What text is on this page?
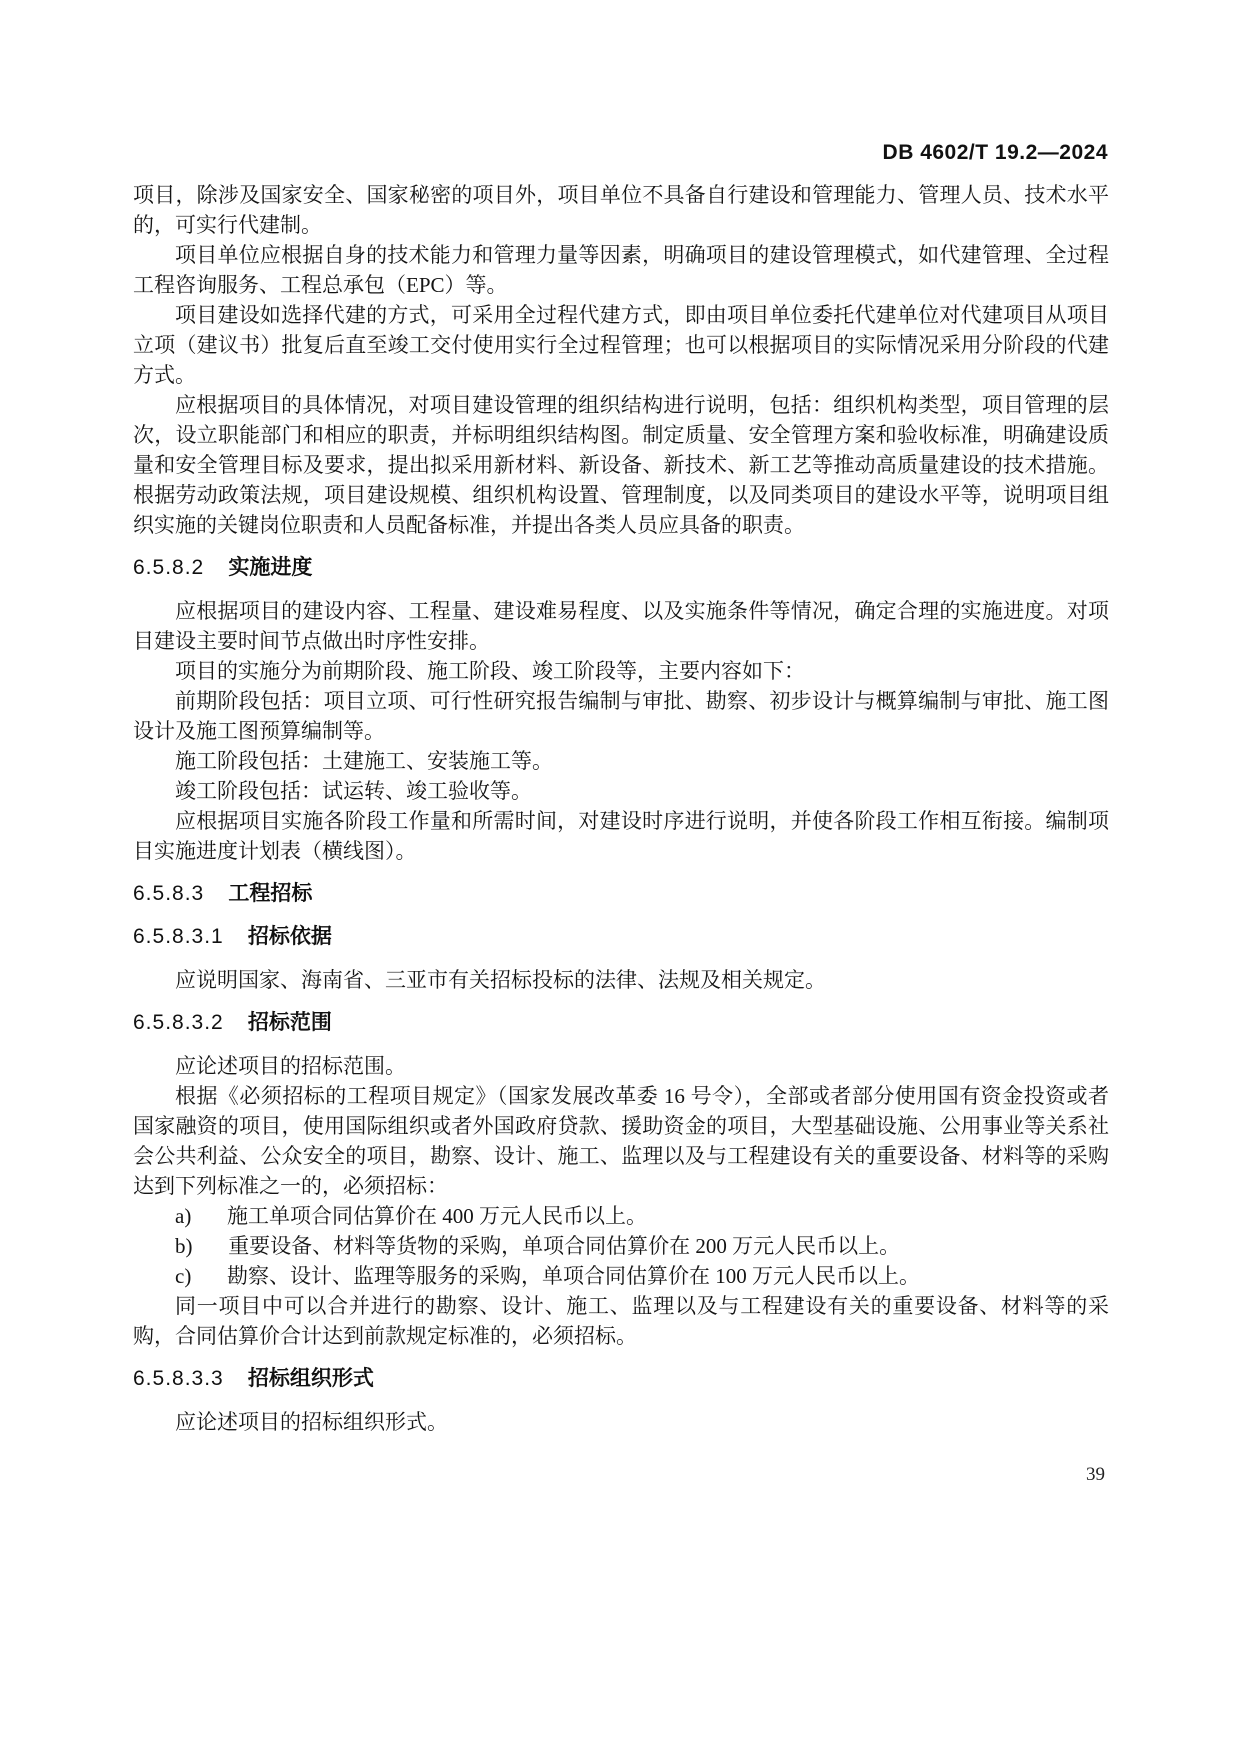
DB 4602/T 19.2—2024

项目，除涉及国家安全、国家秘密的项目外，项目单位不具备自行建设和管理能力、管理人员、技术水平的，可实行代建制。

项目单位应根据自身的技术能力和管理力量等因素，明确项目的建设管理模式，如代建管理、全过程工程咨询服务、工程总承包（EPC）等。

项目建设如选择代建的方式，可采用全过程代建方式，即由项目单位委托代建单位对代建项目从项目立项（建议书）批复后直至竣工交付使用实行全过程管理；也可以根据项目的实际情况采用分阶段的代建方式。

应根据项目的具体情况，对项目建设管理的组织结构进行说明，包括：组织机构类型，项目管理的层次，设立职能部门和相应的职责，并标明组织结构图。制定质量、安全管理方案和验收标准，明确建设质量和安全管理目标及要求，提出拟采用新材料、新设备、新技术、新工艺等推动高质量建设的技术措施。根据劳动政策法规，项目建设规模、组织机构设置、管理制度，以及同类项目的建设水平等，说明项目组织实施的关键岗位职责和人员配备标准，并提出各类人员应具备的职责。

6.5.8.2 实施进度

应根据项目的建设内容、工程量、建设难易程度、以及实施条件等情况，确定合理的实施进度。对项目建设主要时间节点做出时序性安排。

项目的实施分为前期阶段、施工阶段、竣工阶段等，主要内容如下：

前期阶段包括：项目立项、可行性研究报告编制与审批、勘察、初步设计与概算编制与审批、施工图设计及施工图预算编制等。

施工阶段包括：土建施工、安装施工等。

竣工阶段包括：试运转、竣工验收等。

应根据项目实施各阶段工作量和所需时间，对建设时序进行说明，并使各阶段工作相互衔接。编制项目实施进度计划表（横线图）。

6.5.8.3 工程招标
6.5.8.3.1 招标依据

应说明国家、海南省、三亚市有关招标投标的法律、法规及相关规定。

6.5.8.3.2 招标范围

应论述项目的招标范围。

根据《必须招标的工程项目规定》（国家发展改革委 16 号令），全部或者部分使用国有资金投资或者国家融资的项目，使用国际组织或者外国政府贷款、援助资金的项目，大型基础设施、公用事业等关系社会公共利益、公众安全的项目，勘察、设计、施工、监理以及与工程建设有关的重要设备、材料等的采购达到下列标准之一的，必须招标：

a) 施工单项合同估算价在 400 万元人民币以上。

b) 重要设备、材料等货物的采购，单项合同估算价在 200 万元人民币以上。

c) 勘察、设计、监理等服务的采购，单项合同估算价在 100 万元人民币以上。

同一项目中可以合并进行的勘察、设计、施工、监理以及与工程建设有关的重要设备、材料等的采购，合同估算价合计达到前款规定标准的，必须招标。

6.5.8.3.3 招标组织形式

应论述项目的招标组织形式。

39
